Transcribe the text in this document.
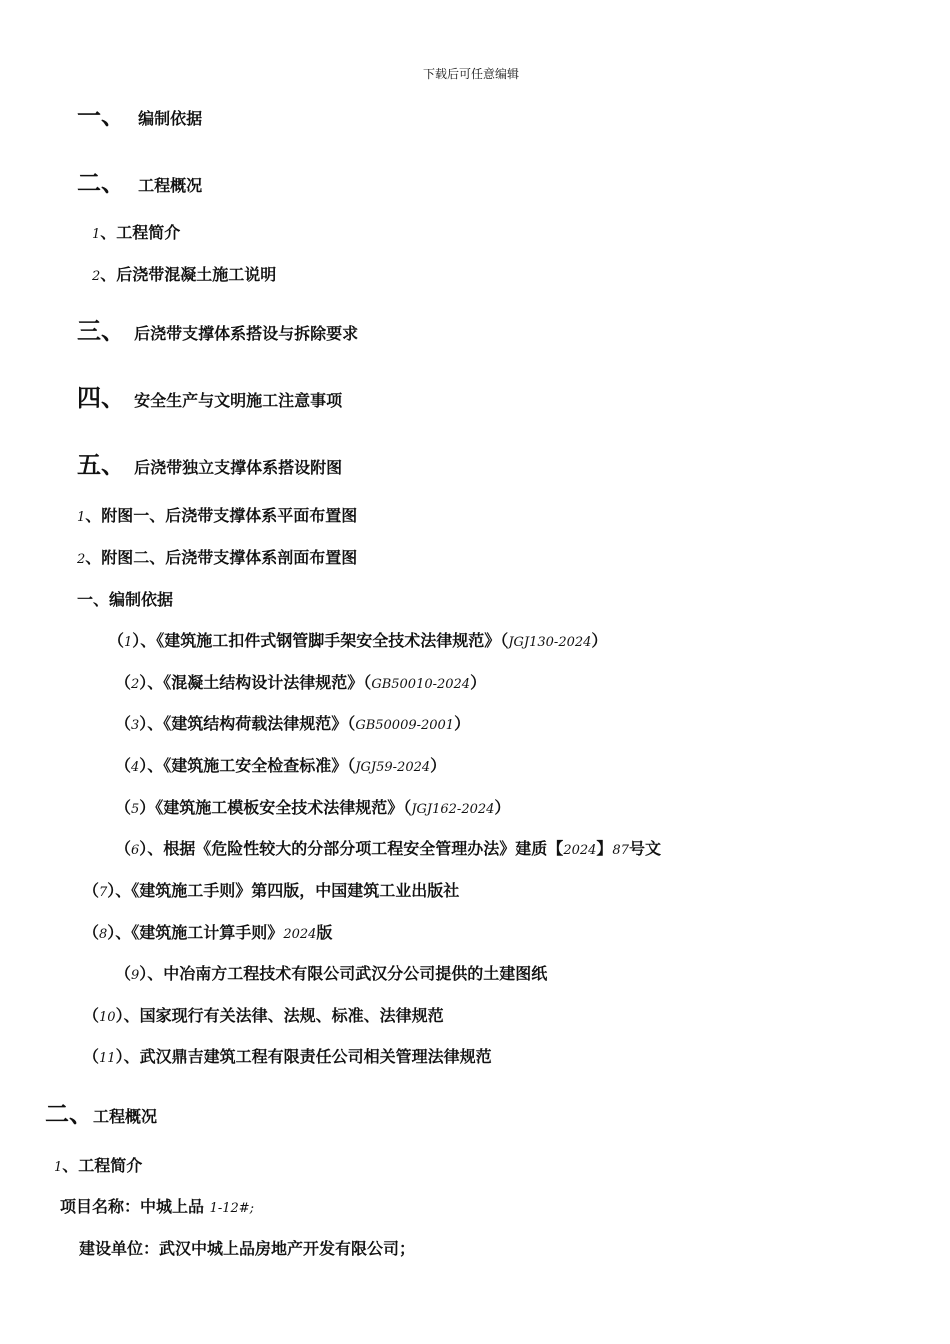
下载后可任意编辑
一、 编制依据
二、 工程概况
1、工程简介
2、后浇带混凝土施工说明
三、 后浇带支撑体系搭设与拆除要求
四、 安全生产与文明施工注意事项
五、 后浇带独立支撑体系搭设附图
1、附图一、后浇带支撑体系平面布置图
2、附图二、后浇带支撑体系剖面布置图
一、编制依据
（1）、《建筑施工扣件式钢管脚手架安全技术法律规范》（JGJ130-2024）
（2）、《混凝土结构设计法律规范》（GB50010-2024）
（3）、《建筑结构荷载法律规范》（GB50009-2001）
（4）、《建筑施工安全检查标准》（JGJ59-2024）
（5）《建筑施工模板安全技术法律规范》（JGJ162-2024）
（6）、根据《危险性较大的分部分项工程安全管理办法》建质【2024】87号文
（7）、《建筑施工手则》第四版，中国建筑工业出版社
（8）、《建筑施工计算手则》2024版
（9）、中冶南方工程技术有限公司武汉分公司提供的土建图纸
（10）、国家现行有关法律、法规、标准、法律规范
（11）、武汉鼎吉建筑工程有限责任公司相关管理法律规范
二、工程概况
1、工程简介
项目名称：中城上品 1-12#;
建设单位：武汉中城上品房地产开发有限公司；
